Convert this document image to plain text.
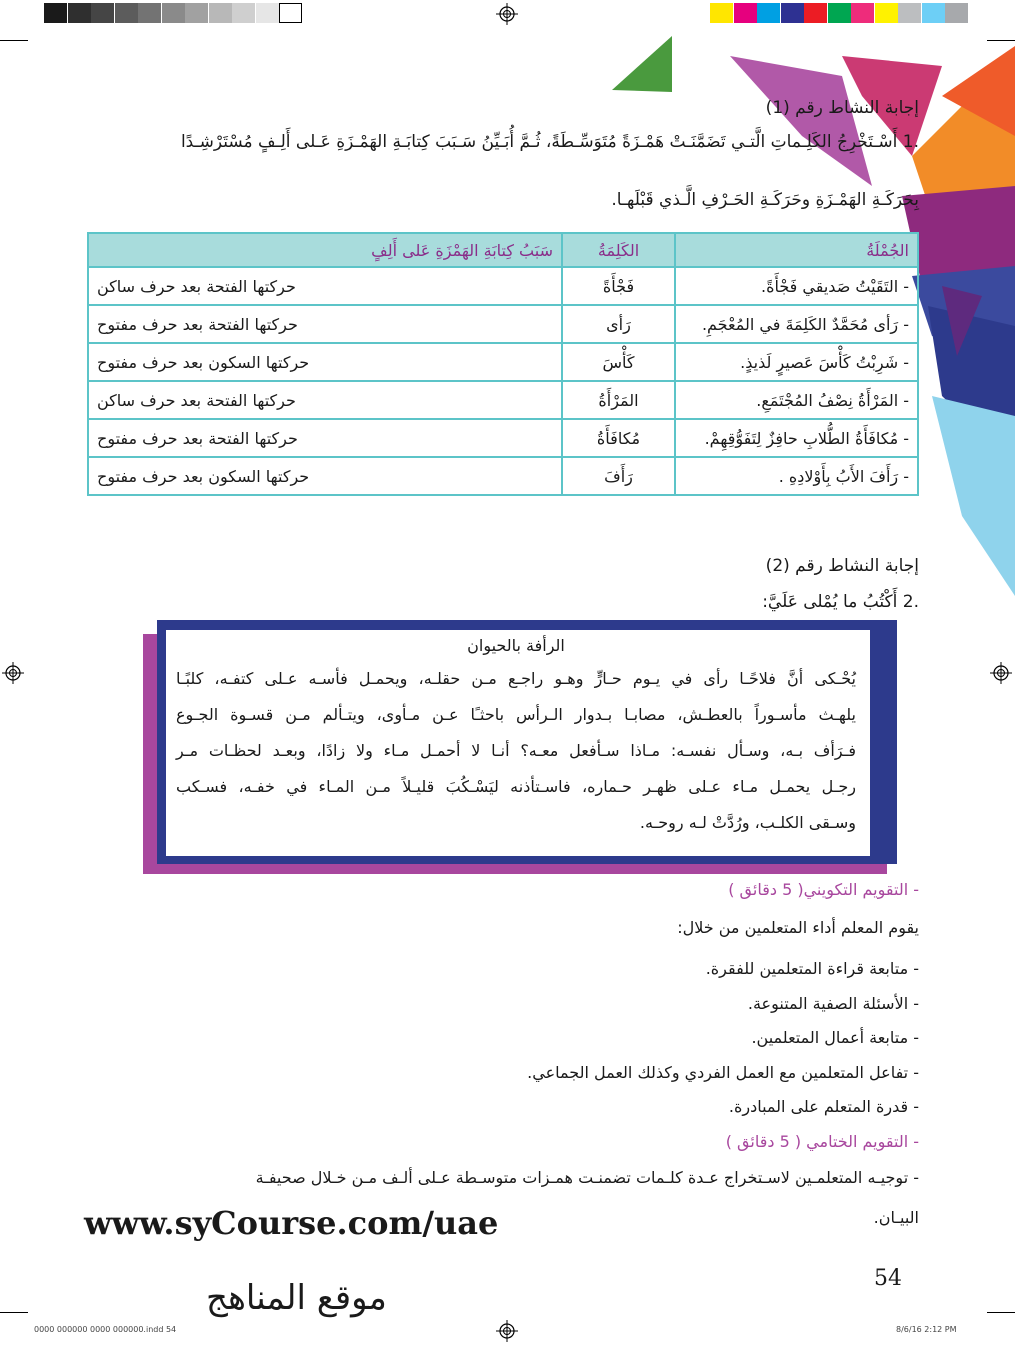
إجابة النشاط رقم (1)
.1 أَسْـتَخْرِجُ الكَلِـماتِ الَّتـي تَضَمَّنَـتْ هَمْـزَةً مُتَوَسِّـطَةً، ثُـمَّ أُبَـيِّنُ سَـبَبَ كِتابَـةِ الهَمْـزَةِ عَـلى أَلِـفٍ مُسْتَرْشِـدًا
بِحَرَكَـةِ الهَمْـزَةِ وحَرَكَـةِ الحَـرْفِ الَّـذي قَبْلَهـا.
الجُمْلَةُ	الكَلِمَةُ	سَبَبُ كِتابَةِ الهَمْزَةِ عَلى أَلِفٍ
- التَقَيْتُ صَديقي فَجْأَةً.	فَجْأَةً	حركتها الفتحة بعد حرف ساكن
- رَأى مُحَمَّدٌ الكَلِمَةَ في المُعْجَمِ.	رَأى	حركتها الفتحة بعد حرف مفتوح
- شَرِبْتُ كَأْسَ عَصيرٍ لَذيذٍ.	كَأْسَ	حركتها السكون بعد حرف مفتوح
- المَرْأَةُ نِصْفُ المُجْتَمَعِ.	المَرْأَةُ	حركتها الفتحة بعد حرف ساكن
- مُكافَأَةُ الطُّلابِ حافِزٌ لِتَفَوُّقِهِمْ.	مُكافَأَةُ	حركتها الفتحة بعد حرف مفتوح
- رَأَفَ الأَبُ بِأَوْلادِهِ .	رَأَفَ	حركتها السكون بعد حرف مفتوح
إجابة النشاط رقم (2)
.2 أَكْتُبُ ما يُمْلى عَلَيَّ:
الرأفة بالحيوان
يُحْـكى أنَّ فلاحًـا رأى في يـوم حـارٍّ وهـو راجـع مـن حقلـه، ويحمـل فأسـه عـلى كتفـه، كلبًـا
يلهـث مأسـوراً بالعطـش، مصابـا بـدوار الـرأس باحثـًا عـن مـأوى، ويتـألم مـن قسـوة الجـوع
فـرَأف بـه، وسـأل نفسـه: مـاذا سـأفعل معـه؟ أنـا لا أحمـل مـاء ولا زادًا، وبعـد لحظـات مـر
رجـل يحمـل مـاء عـلى ظهـر حـماره، فاسـتأذنه ليَسْـكُبَ قليـلاً مـن المـاء في خفـه، فسـكب
وسـقى الكلـب، ورُدَّتْ لـه روحـه.
- التقويم التكويني( 5 دقائق )
يقوم المعلم أداء المتعلمين من خلال:
- متابعة قراءة المتعلمين للفقرة.
- الأسئلة الصفية المتنوعة.
- متابعة أعمال المتعلمين.
- تفاعل المتعلمين مع العمل الفردي وكذلك العمل الجماعي.
- قدرة المتعلم على المبادرة.
- التقويم الختامي ( 5 دقائق )
- توجيـه المتعلمـين لاسـتخراج عـدة كلـمات تضمنـت همـزات متوسـطة عـلى ألـف مـن خـلال صحيفـة
البيـان.
www.syCourse.com/uae
54
موقع المناهج
0000 000000 0000 000000.indd 54	8/6/16 2:12 PM
